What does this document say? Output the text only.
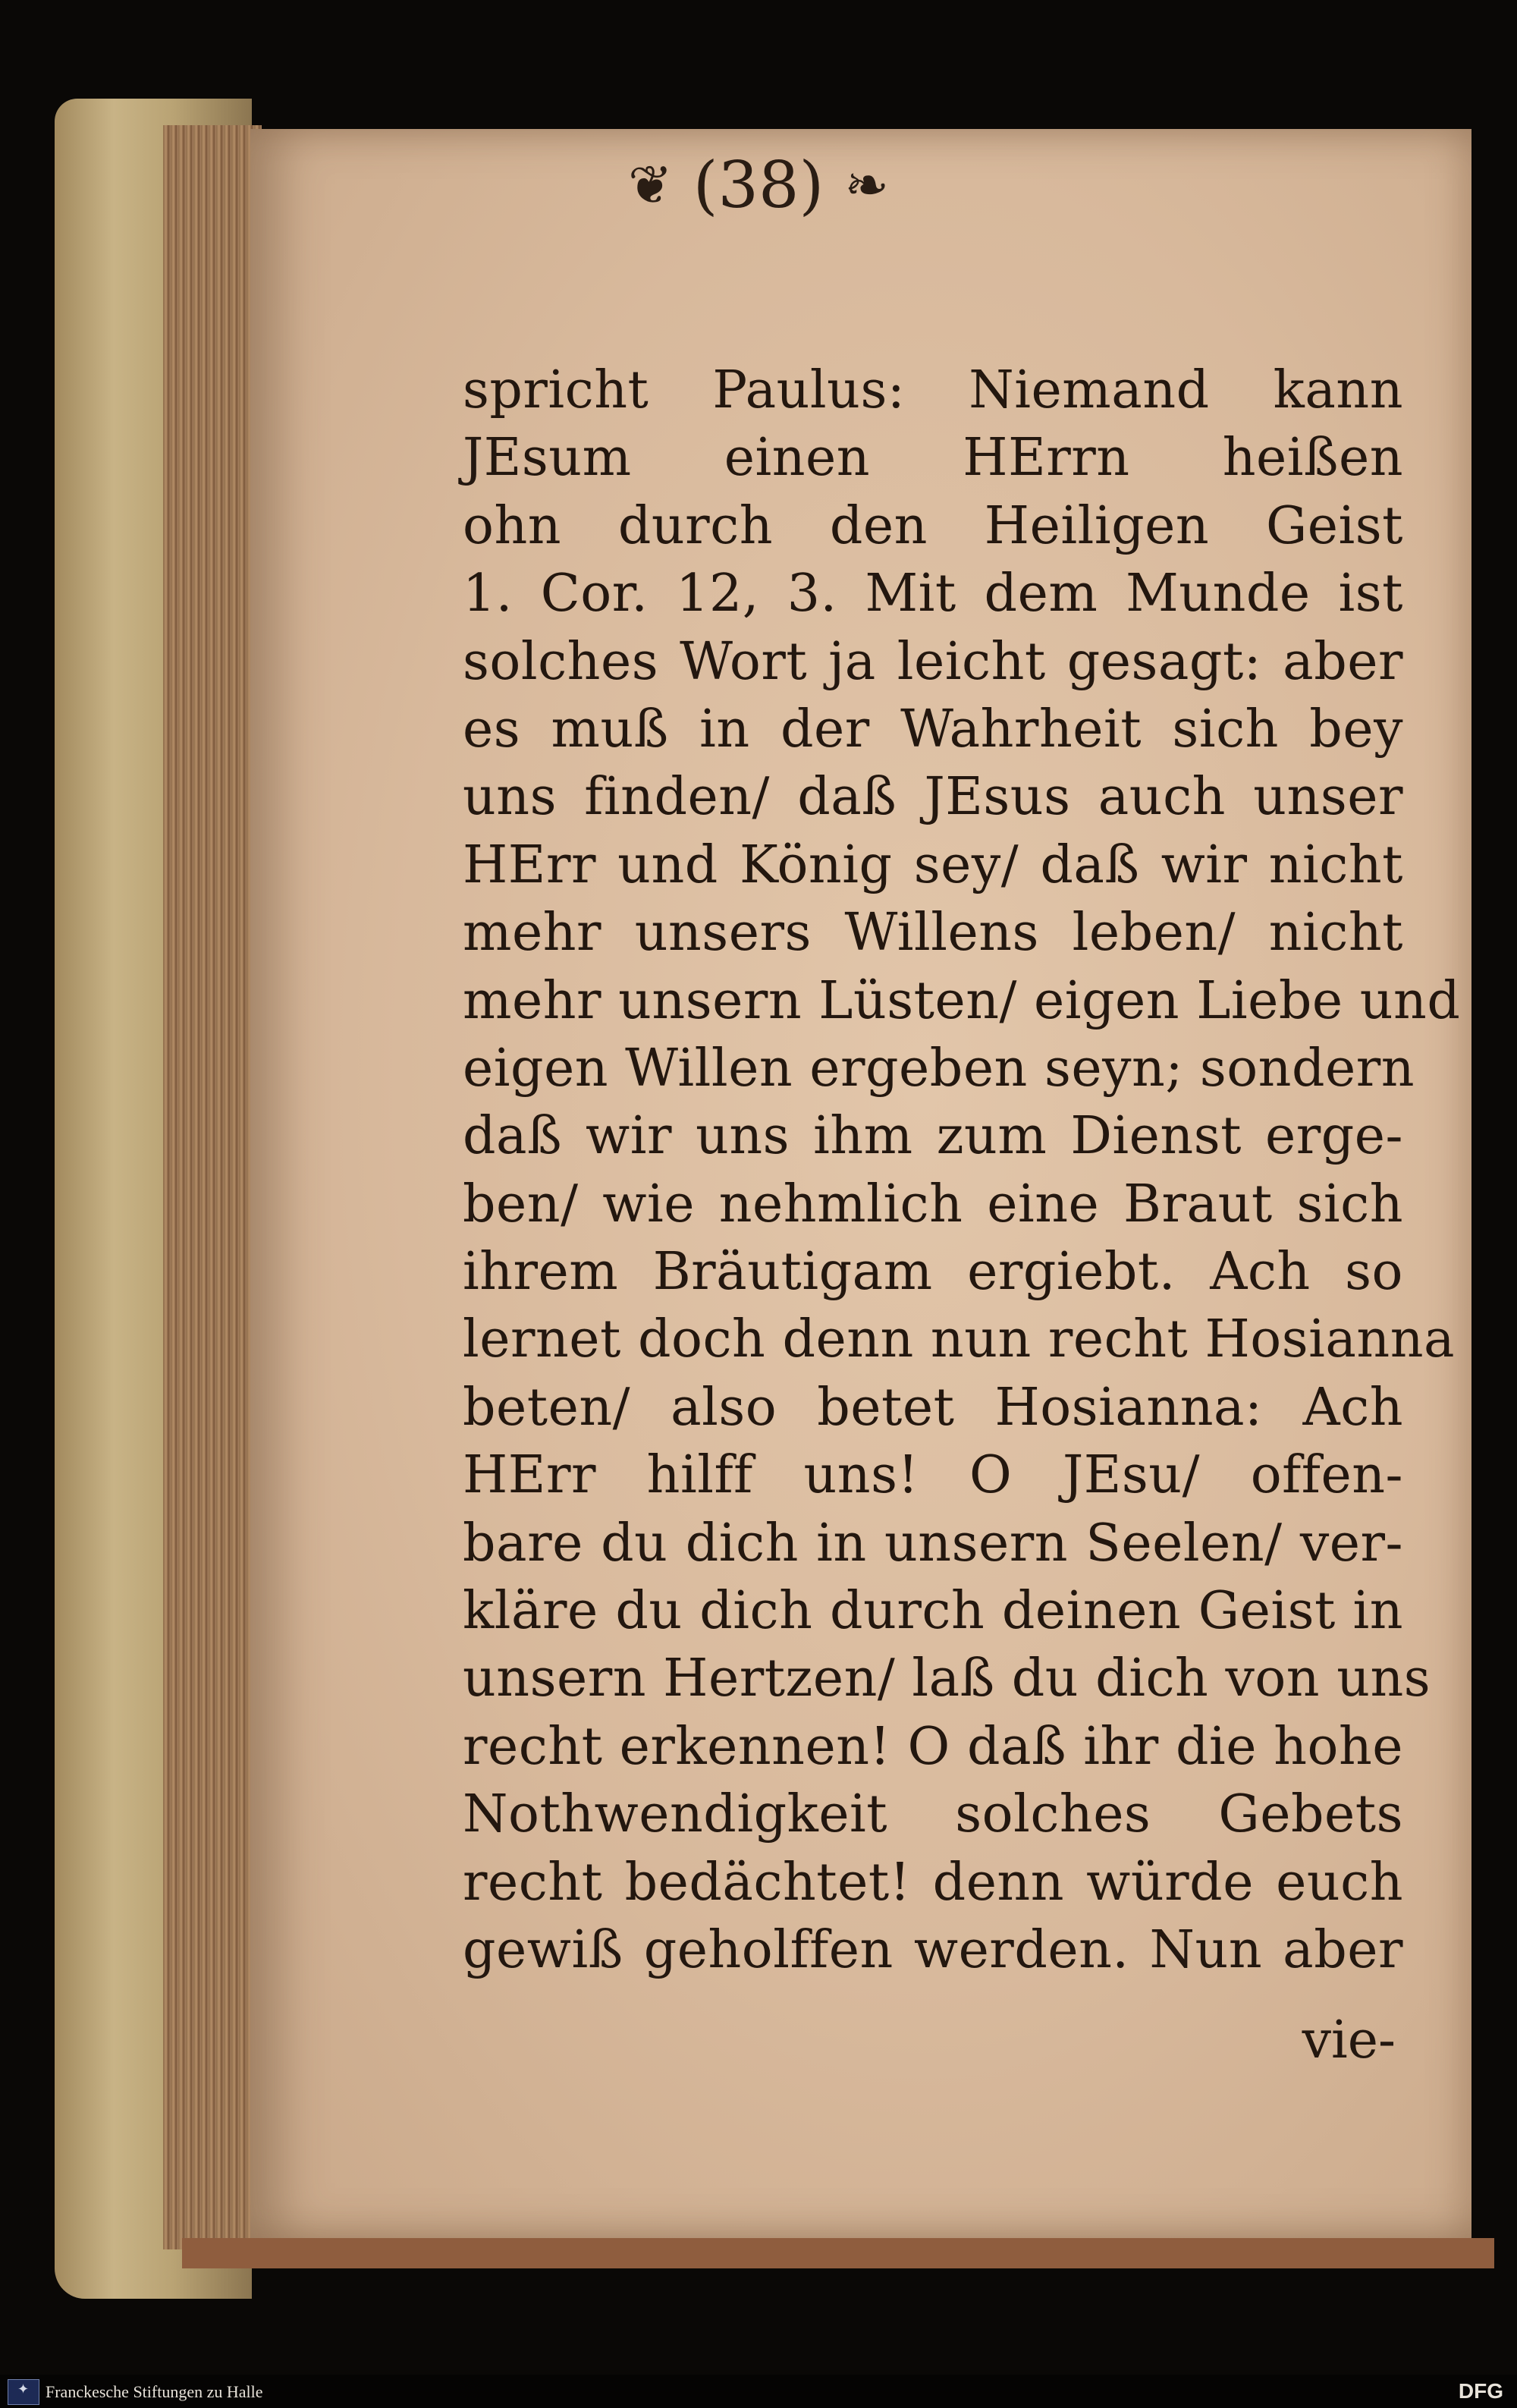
❦ (38) ❧
spricht Paulus: Niemand kann
JEsum einen HErrn heißen
ohn durch den Heiligen Geist
1. Cor. 12, 3. Mit dem Munde ist
solches Wort ja leicht gesagt: aber
es muß in der Wahrheit sich bey
uns finden/ daß JEsus auch unser
HErr und König sey/ daß wir nicht
mehr unsers Willens leben/ nicht
mehr unsern Lüsten/ eigen Liebe und
eigen Willen ergeben seyn; sondern
daß wir uns ihm zum Dienst erge-
ben/ wie nehmlich eine Braut sich
ihrem Bräutigam ergiebt. Ach so
lernet doch denn nun recht Hosianna
beten/ also betet Hosianna: Ach
HErr hilff uns! O JEsu/ offen-
bare du dich in unsern Seelen/ ver-
kläre du dich durch deinen Geist in
unsern Hertzen/ laß du dich von uns
recht erkennen! O daß ihr die hohe
Nothwendigkeit solches Gebets
recht bedächtet! denn würde euch
gewiß geholffen werden. Nun aber
vie-
✦
Franckesche Stiftungen zu Halle	DFG
